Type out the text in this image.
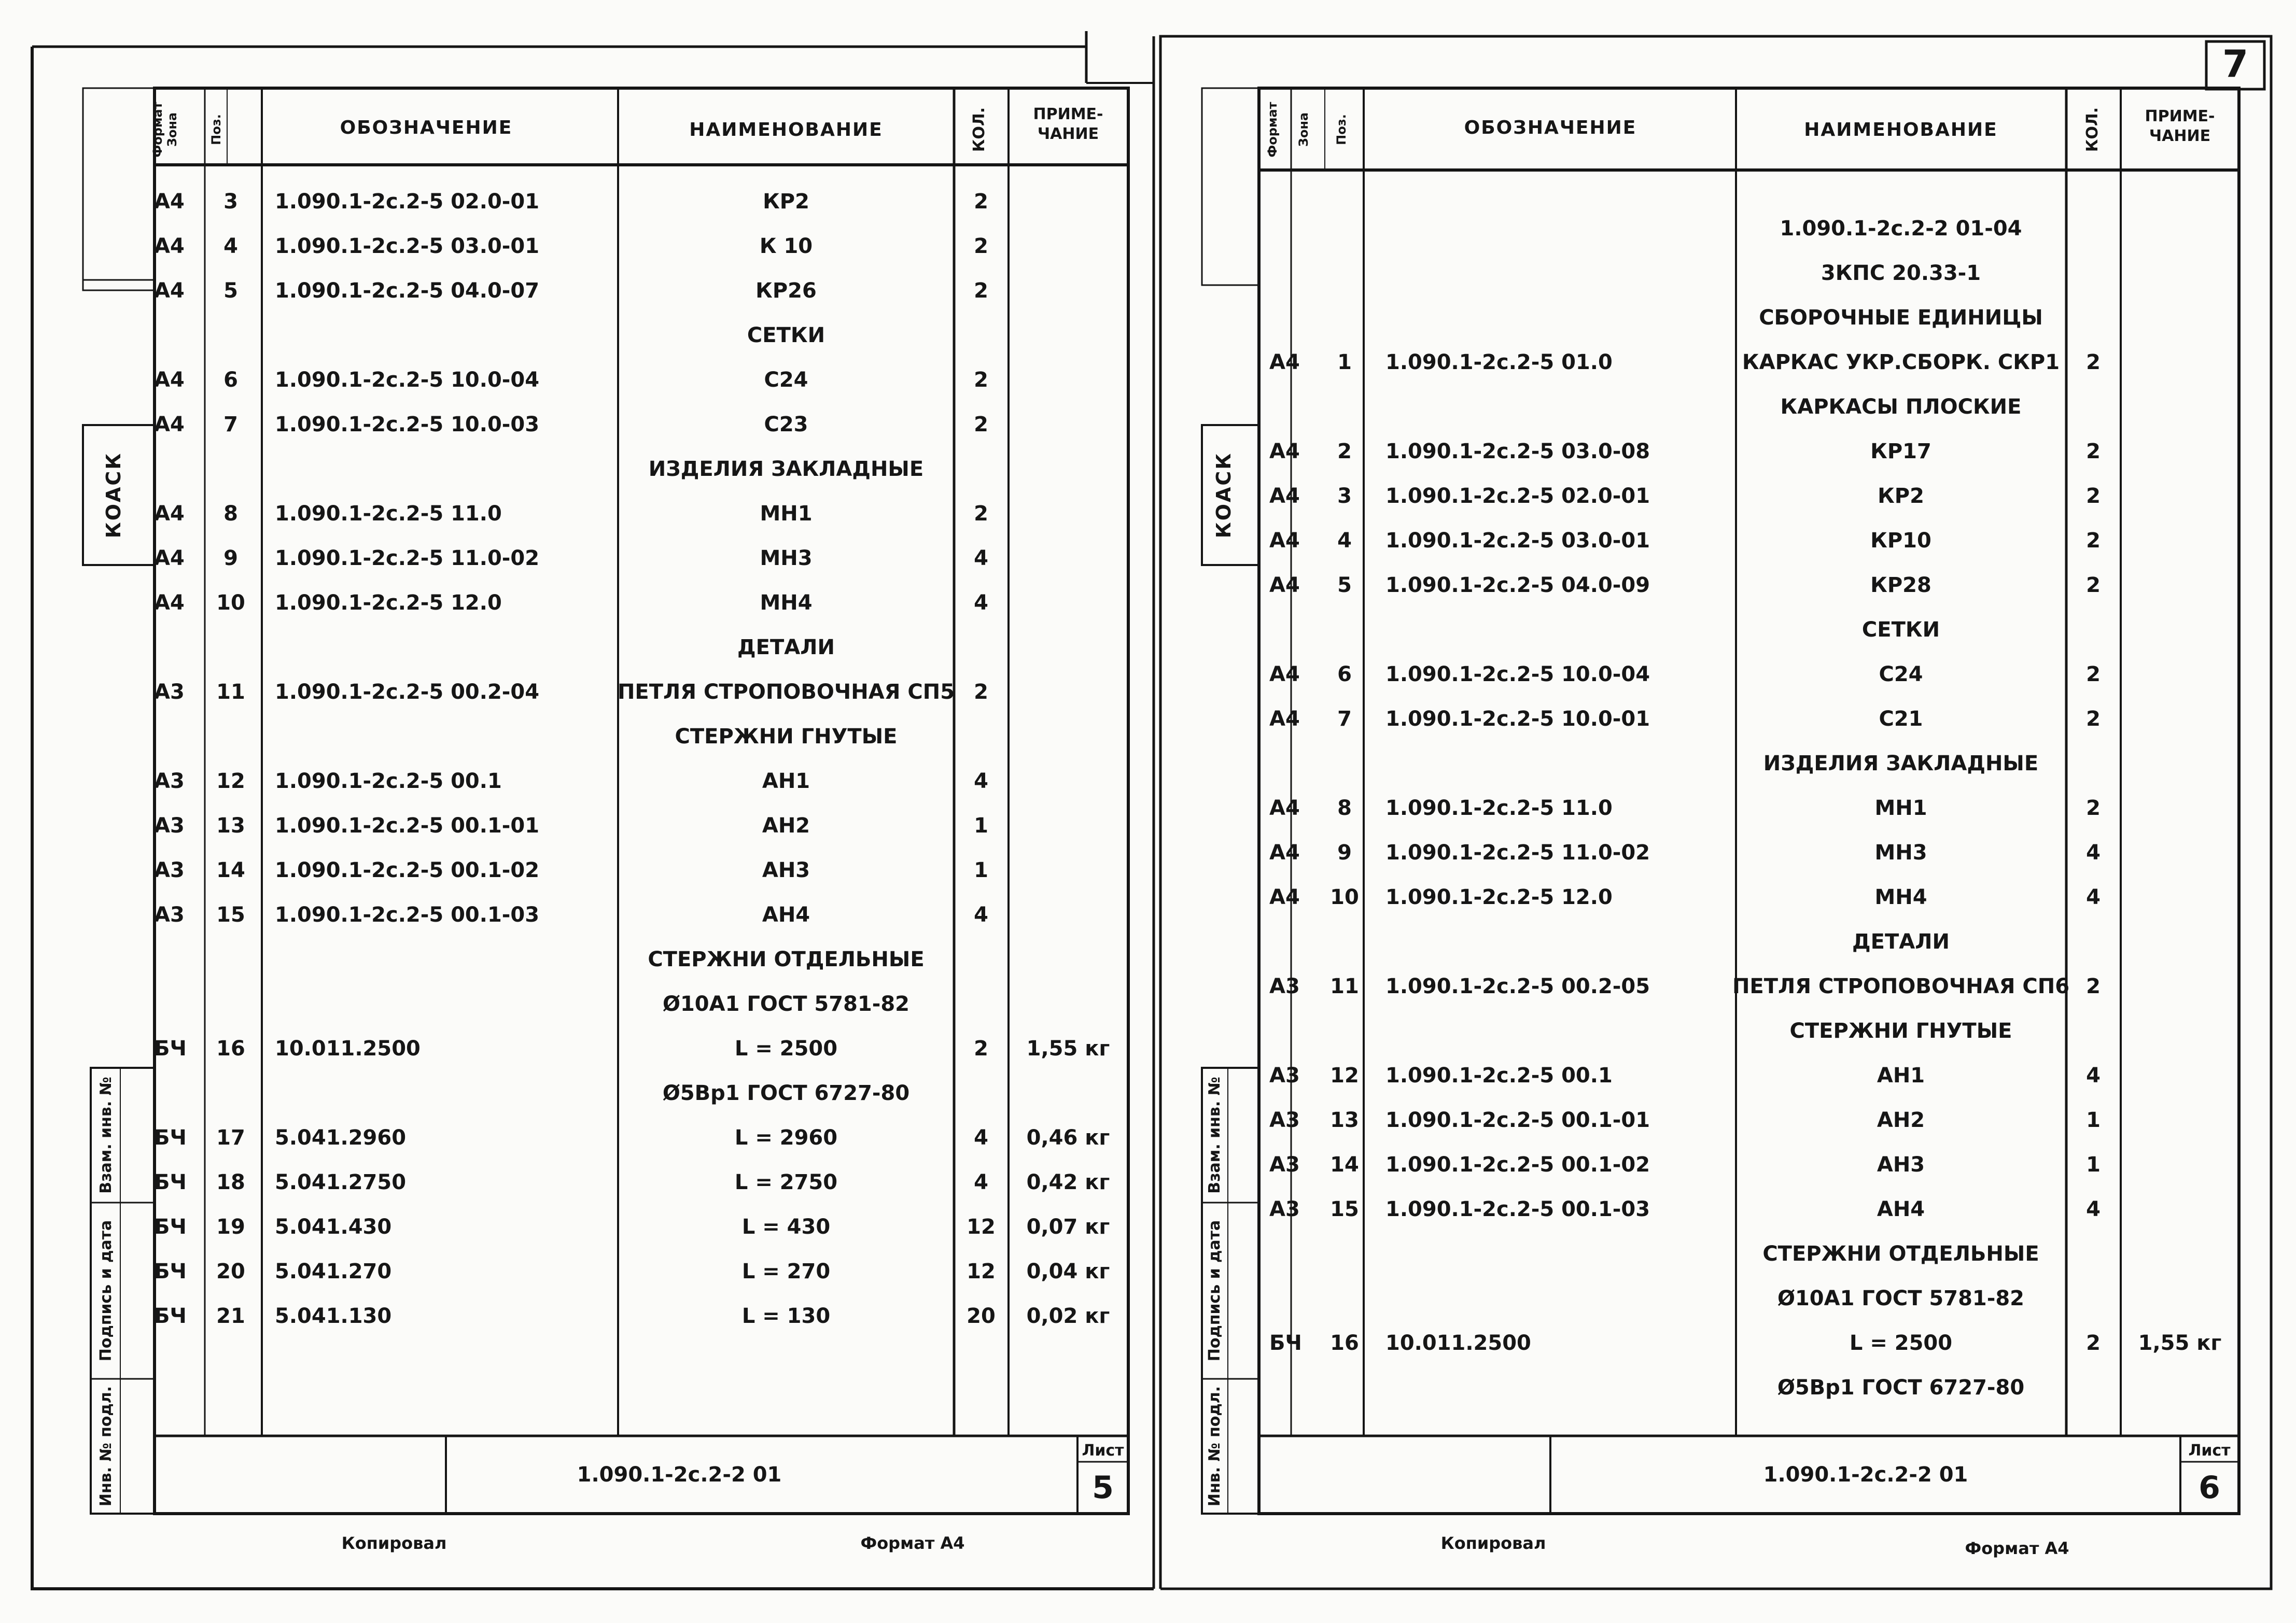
Формат Зона Поз.	ОБОЗНАЧЕНИЕ	НАИМЕНОВАНИЕ	КОЛ.	ПРИМЕ-
ЧАНИЕ
A4 3 1.090.1-2с.2-5 02.0-01	КР2	2
A4 4 1.090.1-2с.2-5 03.0-01	К 10	2
A4 5 1.090.1-2с.2-5 04.0-07	КР26	2
СЕТКИ
A4 6 1.090.1-2с.2-5 10.0-04	С24	2
A4 7 1.090.1-2с.2-5 10.0-03	С23	2
ИЗДЕЛИЯ ЗАКЛАДНЫЕ
A4 8 1.090.1-2с.2-5 11.0	МН1	2
A4 9 1.090.1-2с.2-5 11.0-02	МН3	4
A4 10 1.090.1-2с.2-5 12.0	МН4	4
ДЕТАЛИ
A3 11 1.090.1-2с.2-5 00.2-04	ПЕТЛЯ СТРОПОВОЧНАЯ СП5 2
СТЕРЖНИ ГНУТЫЕ
A3 12 1.090.1-2с.2-5 00.1	АН1	4
A3 13 1.090.1-2с.2-5 00.1-01	АН2	1
A3 14 1.090.1-2с.2-5 00.1-02	АН3	1
A3 15 1.090.1-2с.2-5 00.1-03	АН4	4
СТЕРЖНИ ОТДЕЛЬНЫЕ
Ø10А1 ГОСТ 5781-82
БЧ 16 10.011.2500	L = 2500	2 1,55 кг
Ø5Вр1 ГОСТ 6727-80
БЧ 17 5.041.2960	L = 2960	4 0,46 кг
БЧ 18 5.041.2750	L = 2750	4 0,42 кг
БЧ 19 5.041.430	L = 430	12 0,07 кг
БЧ 20 5.041.270	L = 270	12 0,04 кг
БЧ 21 5.041.130	L = 130	20 0,02 кг
КОАСК
Взам. инв. №
Подпись и дата
Инв. № подл.	1.090.1-2с.2-2 01
Лист
5
Копировал	Формат А4
7
Формат Зона Поз.	ОБОЗНАЧЕНИЕ	НАИМЕНОВАНИЕ	КОЛ.	ПРИМЕ-
ЧАНИЕ
1.090.1-2с.2-2 01-04
3КПС 20.33-1
СБОРОЧНЫЕ ЕДИНИЦЫ
A4 1 1.090.1-2с.2-5 01.0	КАРКАС УКР.СБОРК. СКР1 2
КАРКАСЫ ПЛОСКИЕ
A4 2 1.090.1-2с.2-5 03.0-08	КР17	2
A4 3 1.090.1-2с.2-5 02.0-01	КР2	2
A4 4 1.090.1-2с.2-5 03.0-01	КР10	2
A4 5 1.090.1-2с.2-5 04.0-09	КР28	2
СЕТКИ
A4 6 1.090.1-2с.2-5 10.0-04	С24	2
A4 7 1.090.1-2с.2-5 10.0-01	С21	2
ИЗДЕЛИЯ ЗАКЛАДНЫЕ
A4 8 1.090.1-2с.2-5 11.0	МН1	2
A4 9 1.090.1-2с.2-5 11.0-02	МН3	4
A4 10 1.090.1-2с.2-5 12.0	МН4	4
ДЕТАЛИ
A3 11 1.090.1-2с.2-5 00.2-05	ПЕТЛЯ СТРОПОВОЧНАЯ СП6 2
СТЕРЖНИ ГНУТЫЕ
A3 12 1.090.1-2с.2-5 00.1	АН1	4
A3 13 1.090.1-2с.2-5 00.1-01	АН2	1
A3 14 1.090.1-2с.2-5 00.1-02	АН3	1
A3 15 1.090.1-2с.2-5 00.1-03	АН4	4
СТЕРЖНИ ОТДЕЛЬНЫЕ
Ø10А1 ГОСТ 5781-82
БЧ 16 10.011.2500	L = 2500	2 1,55 кг
Ø5Вр1 ГОСТ 6727-80
КОАСК
Взам. инв. №
Подпись и дата
Инв. № подл.	1.090.1-2с.2-2 01
Лист
6
Копировал	Формат А4
